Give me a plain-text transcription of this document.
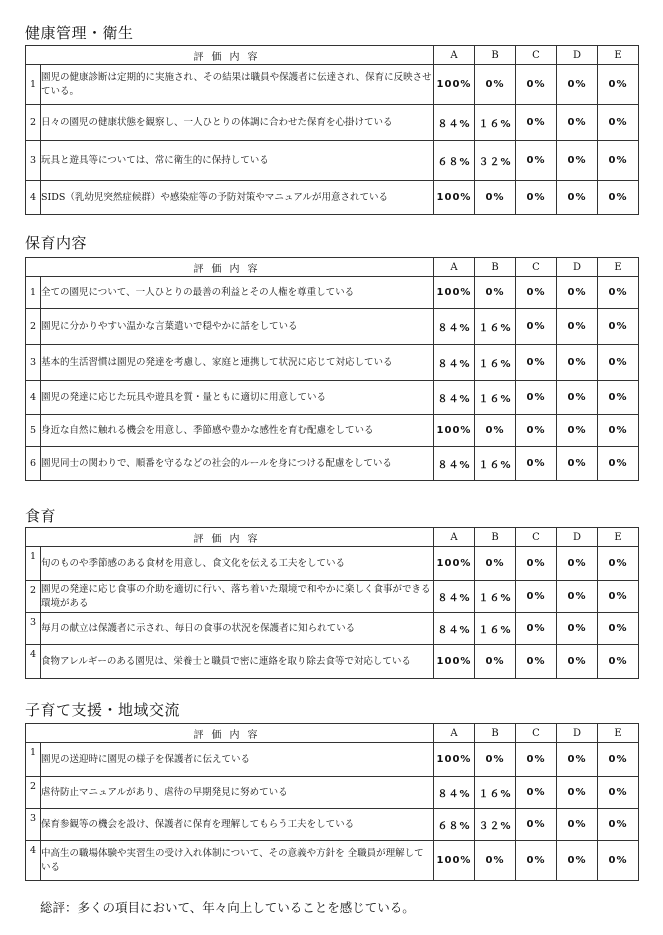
健康管理・衛生
評価内容		A	B	C	D	E
1	園児の健康診断は定期的に実施され、その結果は職員や保護者に伝達され、保育に反映させている。	100%	0%	0%	0%	0%
2	日々の園児の健康状態を観察し、一人ひとりの体調に合わせた保育を心掛けている	８４%	１６%	0%	0%	0%
3	玩具と遊具等については、常に衛生的に保持している	６８%	３２%	0%	0%	0%
4	SIDS（乳幼児突然症候群）や感染症等の予防対策やマニュアルが用意されている	100%	0%	0%	0%	0%
保育内容
評価内容		A	B	C	D	E
1	全ての園児について、一人ひとりの最善の利益とその人権を尊重している	100%	0%	0%	0%	0%
2	園児に分かりやすい温かな言葉遣いで穏やかに話をしている	８４%	１６%	0%	0%	0%
3	基本的生活習慣は園児の発達を考慮し、家庭と連携して状況に応じて対応している	８４%	１６%	0%	0%	0%
4	園児の発達に応じた玩具や遊具を質・量ともに適切に用意している	８４%	１６%	0%	0%	0%
5	身近な自然に触れる機会を用意し、季節感や豊かな感性を育む配慮をしている	100%	0%	0%	0%	0%
6	園児同士の関わりで、順番を守るなどの社会的ルールを身につける配慮をしている	８４%	１６%	0%	0%	0%
食育
評価内容		A	B	C	D	E
1	旬のものや季節感のある食材を用意し、食文化を伝える工夫をしている	100%	0%	0%	0%	0%
2	園児の発達に応じ食事の介助を適切に行い、落ち着いた環境で和やかに楽しく食事ができる環境がある	８４%	１６%	0%	0%	0%
3	毎月の献立は保護者に示され、毎日の食事の状況を保護者に知られている	８４%	１６%	0%	0%	0%
4	食物アレルギーのある園児は、栄養士と職員で密に連絡を取り除去食等で対応している	100%	0%	0%	0%	0%
子育て支援・地域交流
評価内容		A	B	C	D	E
1	園児の送迎時に園児の様子を保護者に伝えている	100%	0%	0%	0%	0%
2	虐待防止マニュアルがあり、虐待の早期発見に努めている	８４%	１６%	0%	0%	0%
3	保育参観等の機会を設け、保護者に保育を理解してもらう工夫をしている	６８%	３２%	0%	0%	0%
4	中高生の職場体験や実習生の受け入れ体制について、その意義や方針を 全職員が理解している	100%	0%	0%	0%	0%

総評：多くの項目において、年々向上していることを感じている。
